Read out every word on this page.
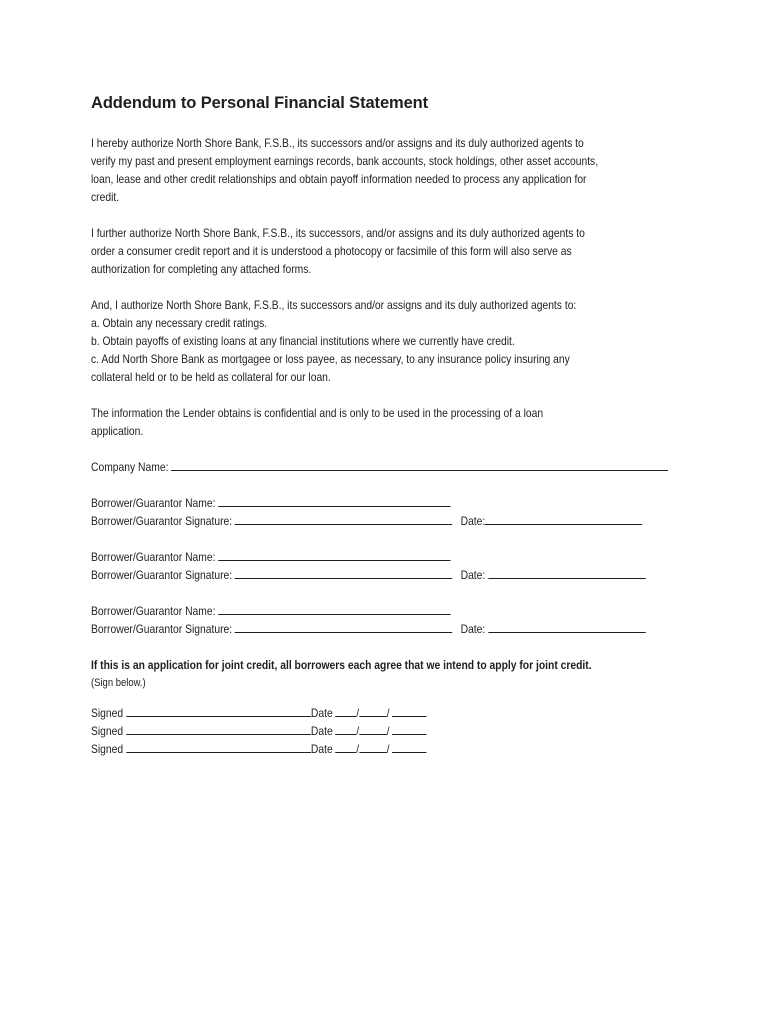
Addendum to Personal Financial Statement
I hereby authorize North Shore Bank, F.S.B., its successors and/or assigns and its duly authorized agents to
verify my past and present employment earnings records, bank accounts, stock holdings, other asset accounts,
loan, lease and other credit relationships and obtain payoff information needed to process any application for
credit.
I further authorize North Shore Bank, F.S.B., its successors, and/or assigns and its duly authorized agents to
order a consumer credit report and it is understood a photocopy or facsimile of this form will also serve as
authorization for completing any attached forms.
And, I authorize North Shore Bank, F.S.B., its successors and/or assigns and its duly authorized agents to:
a. Obtain any necessary credit ratings.
b. Obtain payoffs of existing loans at any financial institutions where we currently have credit.
c. Add North Shore Bank as mortgagee or loss payee, as necessary, to any insurance policy insuring any
collateral held or to be held as collateral for our loan.
The information the Lender obtains is confidential and is only to be used in the processing of a loan
application.
Company Name:
Borrower/Guarantor Name:
Borrower/Guarantor Signature:	Date:
Borrower/Guarantor Name:
Borrower/Guarantor Signature:	Date:
Borrower/Guarantor Name:
Borrower/Guarantor Signature:	Date:
If this is an application for joint credit, all borrowers each agree that we intend to apply for joint credit.
(Sign below.)
Signed	Date / /
Signed	Date / /
Signed	Date / /
